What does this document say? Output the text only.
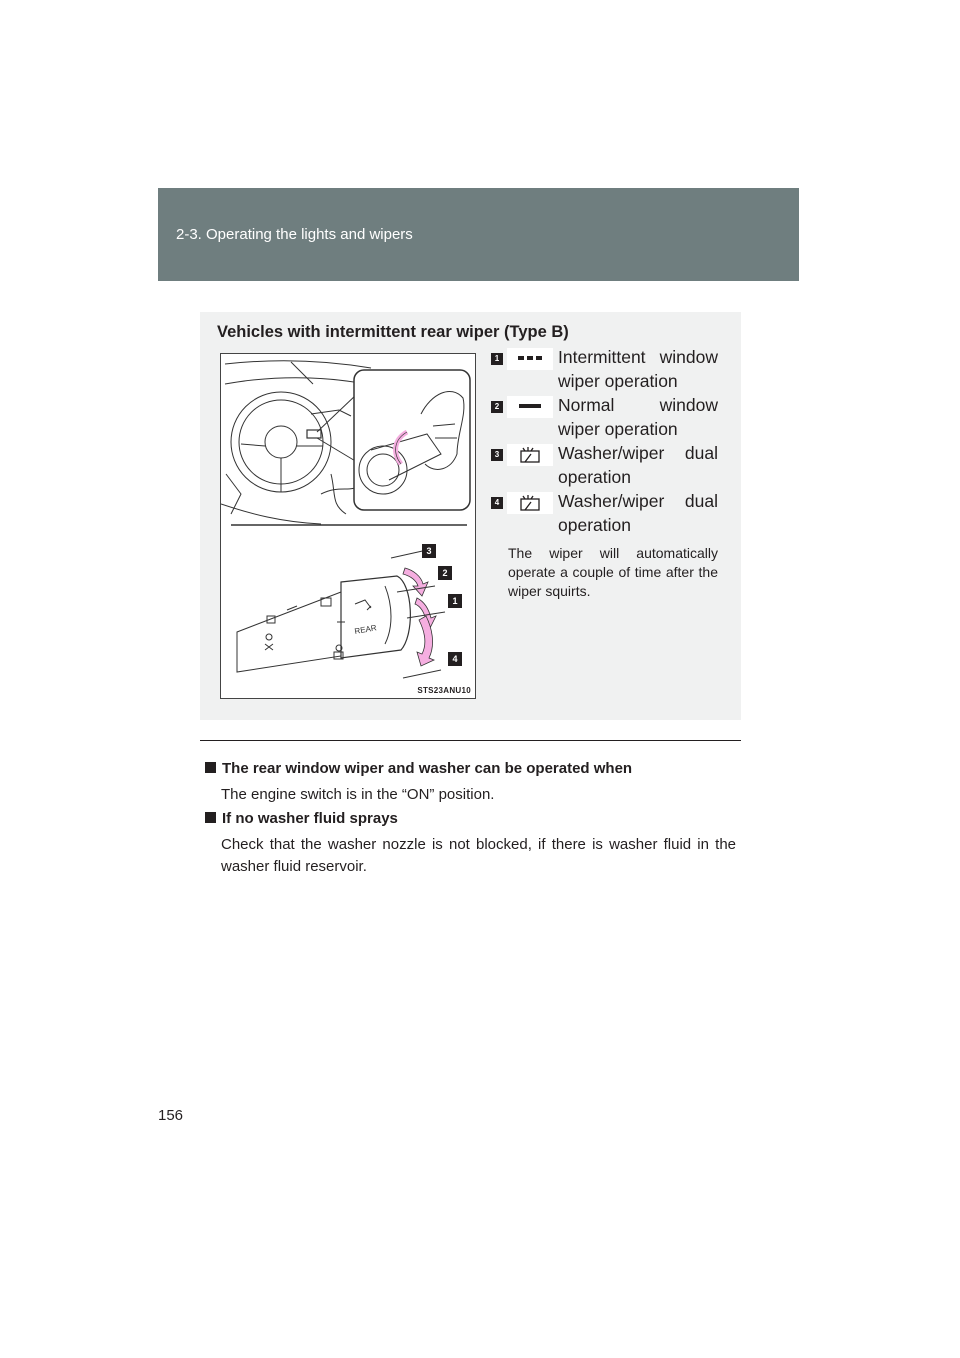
2-3. Operating the lights and wipers
Vehicles with intermittent rear wiper (Type B)
REAR
3
2
1
4
STS23ANU10
1	Intermittent window wiper operation
2	Normal window wiper operation
3	Washer/wiper dual operation
4	Washer/wiper dual operation
The wiper will automatically operate a couple of time after the wiper squirts.
The rear window wiper and washer can be operated when
The engine switch is in the “ON” position.
If no washer fluid sprays
Check that the washer nozzle is not blocked, if there is washer fluid in the washer fluid reservoir.
156
